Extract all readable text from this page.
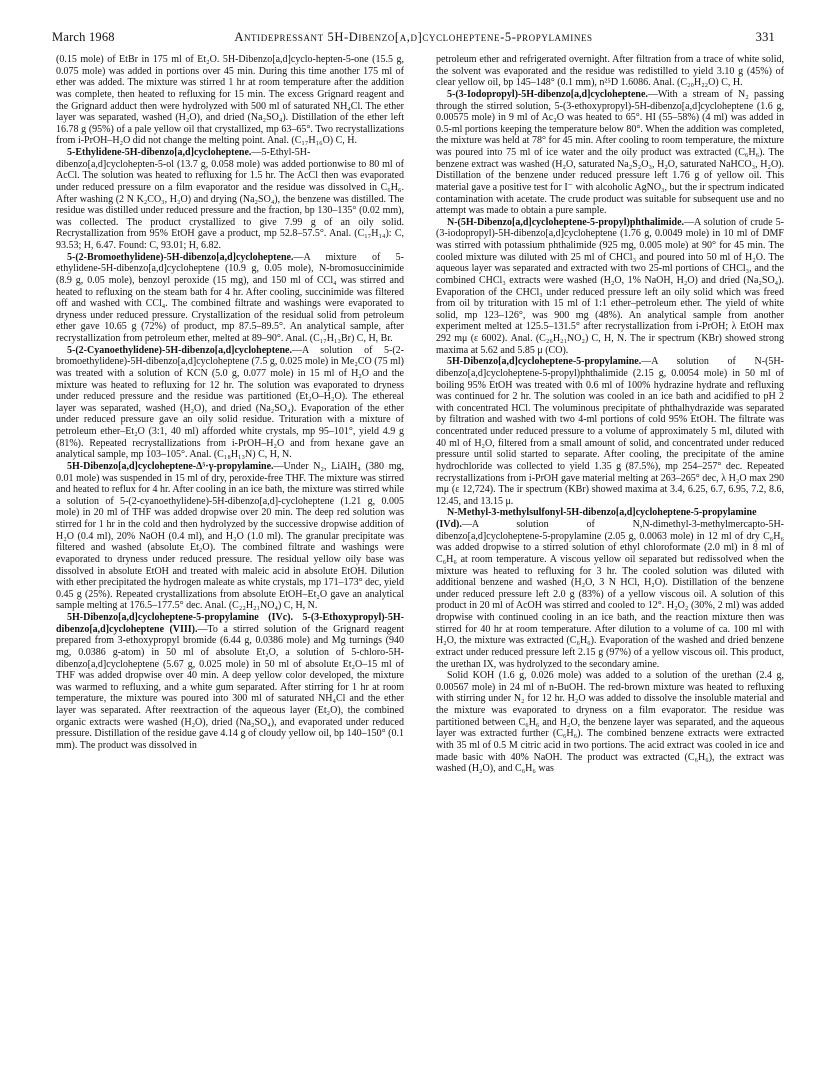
March 1968	Antidepressant 5H-Dibenzo[a,d]cycloheptene-5-propylamines	331

(0.15 mole) of EtBr in 175 ml of Et₂O. 5H-Dibenzo[a,d]cyclo-hepten-5-one (15.5 g, 0.075 mole) was added in portions over 45 min. During this time another 175 ml of ether was added. The mixture was stirred 1 hr at room temperature after the addition was complete, then heated to refluxing for 15 min. The excess Grignard reagent and the Grignard adduct then were hydrolyzed with 500 ml of saturated NH₄Cl. The ether layer was separated, washed (H₂O), and dried (Na₂SO₄). Distillation of the ether left 16.78 g (95%) of a pale yellow oil that crystallized, mp 63–65°. Two recrystallizations from i-PrOH–H₂O did not change the melting point. Anal. (C₁₇H₁₆O) C, H.

5-Ethylidene-5H-dibenzo[a,d]cycloheptene.—5-Ethyl-5H-dibenzo[a,d]cyclohepten-5-ol (13.7 g, 0.058 mole) was added portionwise to 80 ml of AcCl. The solution was heated to refluxing for 1.5 hr. The AcCl then was evaporated under reduced pressure on a film evaporator and the residue was dissolved in C₆H₆. After washing (2 N K₂CO₃, H₂O) and drying (Na₂SO₄), the benzene was distilled. The residue was distilled under reduced pressure and the fraction, bp 130–135° (0.02 mm), was collected. The product crystallized to give 7.99 g of an oily solid. Recrystallization from 95% EtOH gave a product, mp 52.8–57.5°. Anal. (C₁₇H₁₄): C, 93.53; H, 6.47. Found: C, 93.01; H, 6.82.

5-(2-Bromoethylidene)-5H-dibenzo[a,d]cycloheptene.—A mixture of 5-ethylidene-5H-dibenzo[a,d]cycloheptene (10.9 g, 0.05 mole), N-bromosuccinimide (8.9 g, 0.05 mole), benzoyl peroxide (15 mg), and 150 ml of CCl₄ was stirred and heated to refluxing on the steam bath for 4 hr. After cooling, succinimide was filtered off and washed with CCl₄. The combined filtrate and washings were evaporated to dryness under reduced pressure. Crystallization of the residual solid from petroleum ether gave 10.65 g (72%) of product, mp 87.5–89.5°. An analytical sample, after recrystallization from petroleum ether, melted at 89–90°. Anal. (C₁₇H₁₃Br) C, H, Br.

5-(2-Cyanoethylidene)-5H-dibenzo[a,d]cycloheptene.—A solution of 5-(2-bromoethylidene)-5H-dibenzo[a,d]cycloheptene (7.5 g, 0.025 mole) in Me₂CO (75 ml) was treated with a solution of KCN (5.0 g, 0.077 mole) in 15 ml of H₂O and the mixture was heated to refluxing for 12 hr. The solution was evaporated to dryness under reduced pressure and the residue was partitioned (Et₂O–H₂O). The ethereal layer was separated, washed (H₂O), and dried (Na₂SO₄). Evaporation of the ether under reduced pressure gave an oily solid residue. Trituration with a mixture of petroleum ether–Et₂O (3:1, 40 ml) afforded white crystals, mp 95–101°, yield 4.9 g (81%). Repeated recrystallizations from i-PrOH–H₂O and from hexane gave an analytical sample, mp 103–105°. Anal. (C₁₈H₁₃N) C, H, N.

5H-Dibenzo[a,d]cycloheptene-Δ⁵·γ-propylamine.—Under N₂, LiAlH₄ (380 mg, 0.01 mole) was suspended in 15 ml of dry, peroxide-free THF. The mixture was stirred and heated to reflux for 4 hr. After cooling in an ice bath, the mixture was stirred while a solution of 5-(2-cyanoethylidene)-5H-dibenzo[a,d]-cycloheptene (1.21 g, 0.005 mole) in 20 ml of THF was added dropwise over 20 min. The deep red solution was stirred for 1 hr in the cold and then hydrolyzed by the successive dropwise addition of H₂O (0.4 ml), 20% NaOH (0.4 ml), and H₂O (1.0 ml). The granular precipitate was filtered and washed (absolute Et₂O). The combined filtrate and washings were evaporated to dryness under reduced pressure. The residual yellow oily base was dissolved in absolute EtOH and treated with maleic acid in absolute EtOH. Dilution with ether precipitated the hydrogen maleate as white crystals, mp 171–173° dec, yield 0.45 g (25%). Repeated crystallizations from absolute EtOH–Et₂O gave an analytical sample melting at 176.5–177.5° dec. Anal. (C₂₂H₂₁NO₄) C, H, N.

5H-Dibenzo[a,d]cycloheptene-5-propylamine (IVc). 5-(3-Ethoxypropyl)-5H-dibenzo[a,d]cycloheptene (VIII).—To a stirred solution of the Grignard reagent prepared from 3-ethoxypropyl bromide (6.44 g, 0.0386 mole) and Mg turnings (940 mg, 0.0386 g-atom) in 50 ml of absolute Et₂O, a solution of 5-chloro-5H-dibenzo[a,d]cycloheptene (5.67 g, 0.025 mole) in 50 ml of absolute Et₂O–15 ml of THF was added dropwise over 40 min. A deep yellow color developed, the mixture was warmed to refluxing, and a white gum separated. After stirring for 1 hr at room temperature, the mixture was poured into 300 ml of saturated NH₄Cl and the ether layer was separated. After reextraction of the aqueous layer (Et₂O), the combined organic extracts were washed (H₂O), dried (Na₂SO₄), and evaporated under reduced pressure. Distillation of the residue gave 4.14 g of cloudy yellow oil, bp 140–150° (0.1 mm). The product was dissolved in

petroleum ether and refrigerated overnight. After filtration from a trace of white solid, the solvent was evaporated and the residue was redistilled to yield 3.10 g (45%) of clear yellow oil, bp 145–148° (0.1 mm), n²⁵D 1.6086. Anal. (C₂₀H₂₂O) C, H.

5-(3-Iodopropyl)-5H-dibenzo[a,d]cycloheptene.—With a stream of N₂ passing through the stirred solution, 5-(3-ethoxypropyl)-5H-dibenzo[a,d]cycloheptene (1.6 g, 0.00575 mole) in 9 ml of Ac₂O was heated to 65°. HI (55–58%) (4 ml) was added in 0.5-ml portions keeping the temperature below 80°. When the addition was completed, the mixture was held at 78° for 45 min. After cooling to room temperature, the mixture was poured into 75 ml of ice water and the oily product was extracted (C₆H₆). The benzene extract was washed (H₂O, saturated Na₂S₂O₃, H₂O, saturated NaHCO₃, H₂O). Distillation of the benzene under reduced pressure left 1.76 g of yellow oil. This material gave a positive test for I⁻ with alcoholic AgNO₃, but the ir spectrum indicated contamination with acetate. The crude product was suitable for subsequent use and no attempt was made to obtain a pure sample.

N-(5H-Dibenzo[a,d]cycloheptene-5-propyl)phthalimide.—A solution of crude 5-(3-iodopropyl)-5H-dibenzo[a,d]cycloheptene (1.76 g, 0.0049 mole) in 10 ml of DMF was stirred with potassium phthalimide (925 mg, 0.005 mole) at 90° for 45 min. The cooled mixture was diluted with 25 ml of CHCl₃ and poured into 50 ml of H₂O. The aqueous layer was separated and extracted with two 25-ml portions of CHCl₃, and the combined CHCl₃ extracts were washed (H₂O, 1% NaOH, H₂O) and dried (Na₂SO₄). Evaporation of the CHCl₃ under reduced pressure left an oily solid which was freed from oil by trituration with 15 ml of 1:1 ether–petroleum ether. The yield of white solid, mp 123–126°, was 900 mg (48%). An analytical sample from another experiment melted at 125.5–131.5° after recrystallization from i-PrOH; λ EtOH max 292 mμ (ε 6002). Anal. (C₂₆H₂₁NO₂) C, H, N. The ir spectrum (KBr) showed strong maxima at 5.62 and 5.85 μ (CO).

5H-Dibenzo[a,d]cycloheptene-5-propylamine.—A solution of N-(5H-dibenzo[a,d]cycloheptene-5-propyl)phthalimide (2.15 g, 0.0054 mole) in 50 ml of boiling 95% EtOH was treated with 0.6 ml of 100% hydrazine hydrate and refluxing was continued for 2 hr. The solution was cooled in an ice bath and acidified to pH 2 with concentrated HCl. The voluminous precipitate of phthalhydrazide was separated by filtration and washed with two 4-ml portions of cold 95% EtOH. The filtrate was concentrated under reduced pressure to a volume of approximately 5 ml, diluted with 40 ml of H₂O, filtered from a small amount of solid, and concentrated under reduced pressure until solid started to separate. After cooling, the precipitate of the amine hydrochloride was collected to yield 1.35 g (87.5%), mp 254–257° dec. Repeated recrystallizations from i-PrOH gave material melting at 263–265° dec, λ H₂O max 290 mμ (ε 12,724). The ir spectrum (KBr) showed maxima at 3.4, 6.25, 6.7, 6.95, 7.2, 8.6, 12.45, and 13.15 μ.

N-Methyl-3-methylsulfonyl-5H-dibenzo[a,d]cycloheptene-5-propylamine (IVd).—A solution of N,N-dimethyl-3-methylmercapto-5H-dibenzo[a,d]cycloheptene-5-propylamine (2.05 g, 0.0063 mole) in 12 ml of dry C₆H₆ was added dropwise to a stirred solution of ethyl chloroformate (2.0 ml) in 8 ml of C₆H₆ at room temperature. A viscous yellow oil separated but redissolved when the mixture was heated to refluxing for 3 hr. The cooled solution was diluted with additional benzene and washed (H₂O, 3 N HCl, H₂O). Distillation of the benzene under reduced pressure left 2.0 g (83%) of a yellow viscous oil. A solution of this product in 20 ml of AcOH was stirred and cooled to 12°. H₂O₂ (30%, 2 ml) was added dropwise with continued cooling in an ice bath, and the reaction mixture then was stirred for 40 hr at room temperature. After dilution to a volume of ca. 100 ml with H₂O, the mixture was extracted (C₆H₆). Evaporation of the washed and dried benzene extract under reduced pressure left 2.15 g (97%) of a yellow viscous oil. This product, the urethan IX, was hydrolyzed to the secondary amine.

Solid KOH (1.6 g, 0.026 mole) was added to a solution of the urethan (2.4 g, 0.00567 mole) in 24 ml of n-BuOH. The red-brown mixture was heated to refluxing with stirring under N₂ for 12 hr. H₂O was added to dissolve the insoluble material and the mixture was evaporated to dryness on a film evaporator. The residue was partitioned between C₆H₆ and H₂O, the benzene layer was separated, and the aqueous layer was extracted further (C₆H₆). The combined benzene extracts were extracted with 35 ml of 0.5 M citric acid in two portions. The acid extract was cooled in ice and made basic with 40% NaOH. The product was extracted (C₆H₆), the extract was washed (H₂O), and C₆H₆ was
